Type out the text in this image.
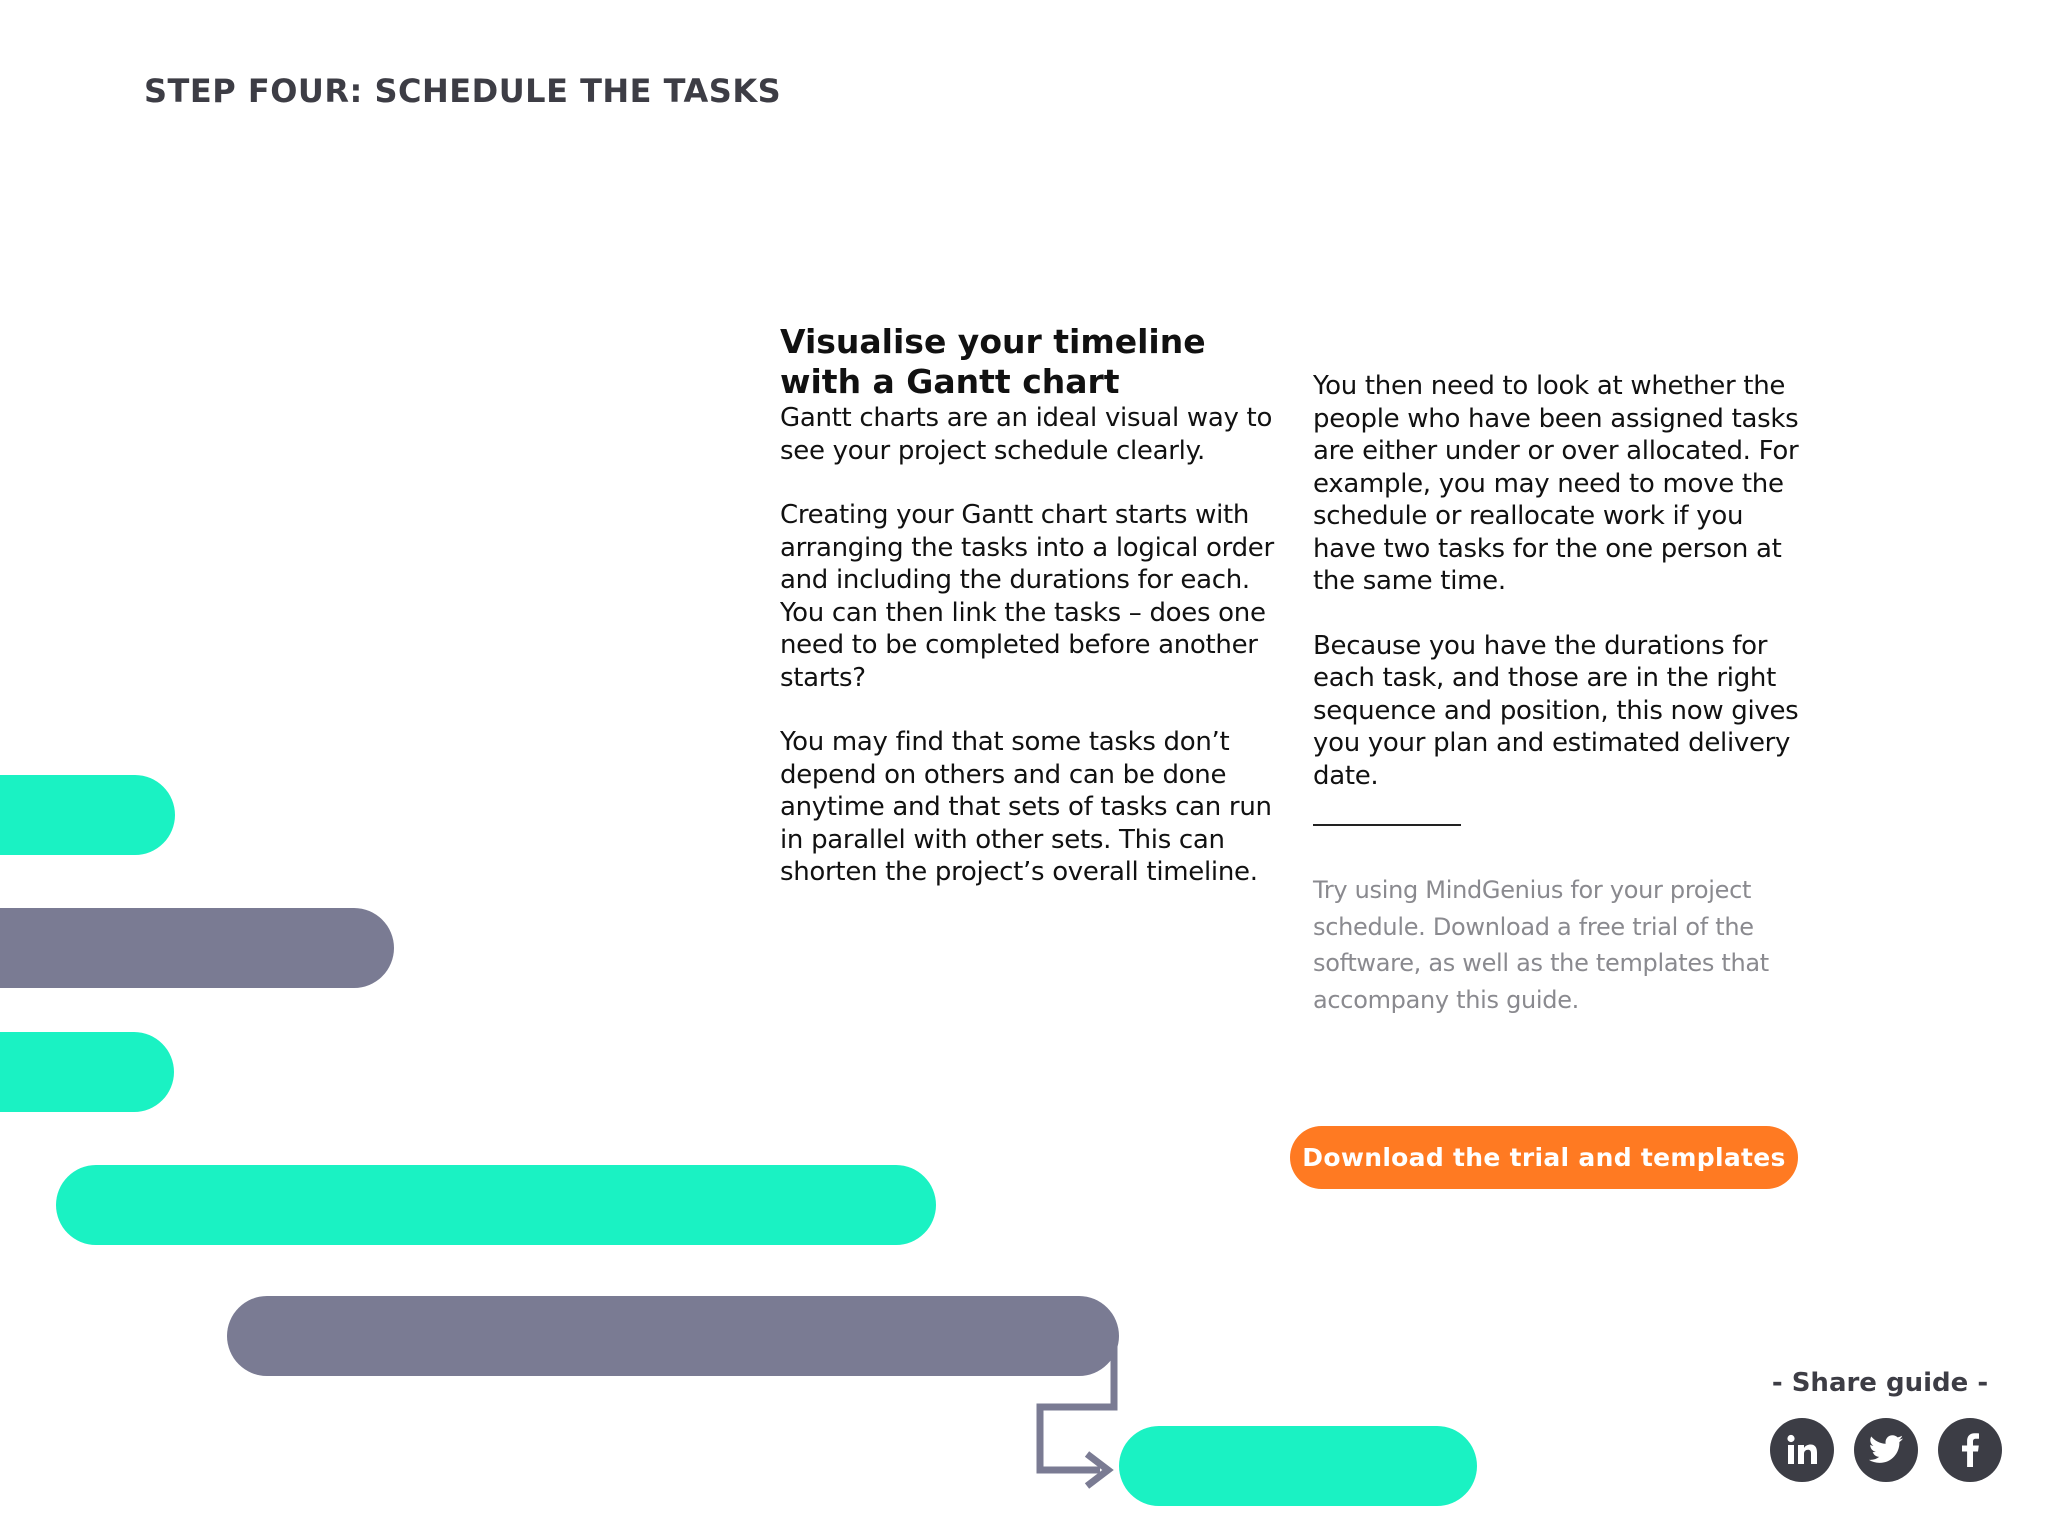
STEP FOUR: SCHEDULE THE TASKS
Visualise your timeline
with a Gantt chart

Gantt charts are an ideal visual way to see your project schedule clearly.

Creating your Gantt chart starts with arranging the tasks into a logical order and including the durations for each. You can then link the tasks – does one need to be completed before another starts?

You may find that some tasks don’t depend on others and can be done anytime and that sets of tasks can run in parallel with other sets. This can shorten the project’s overall timeline.

You then need to look at whether the people who have been assigned tasks are either under or over allocated. For example, you may need to move the schedule or reallocate work if you have two tasks for the one person at the same time.

Because you have the durations for each task, and those are in the right sequence and position, this now gives you your plan and estimated delivery date.

Try using MindGenius for your project schedule. Download a free trial of the software, as well as the templates that accompany this guide.

Download the trial and templates
- Share guide -
